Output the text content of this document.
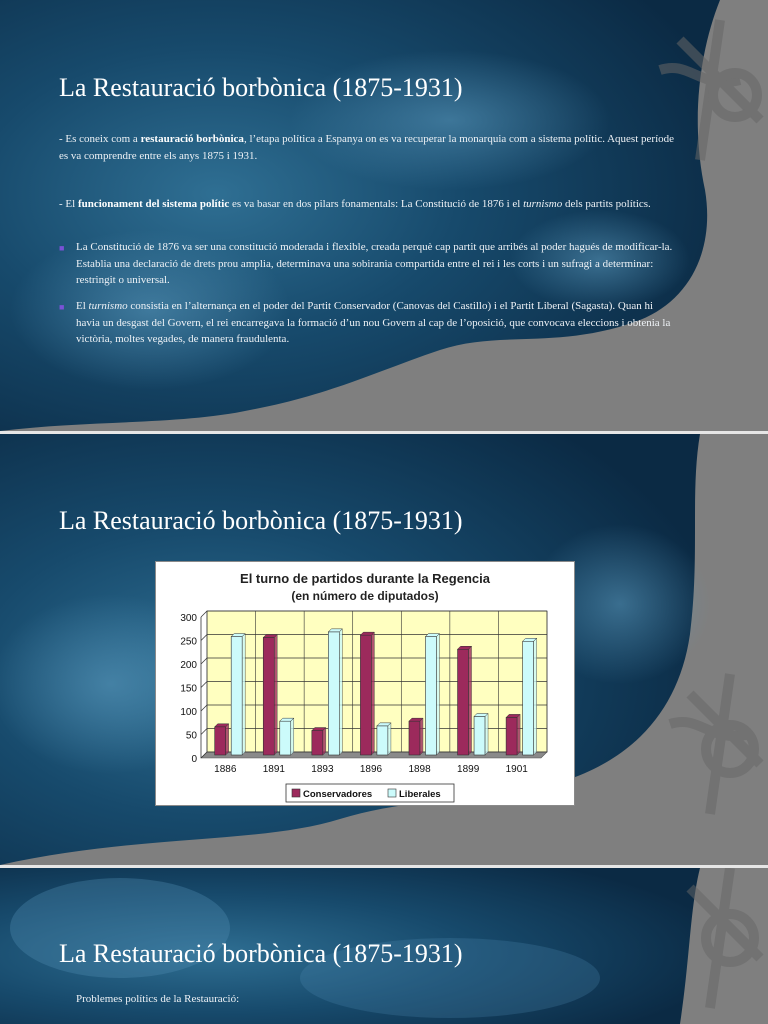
La Restauració borbònica (1875-1931)
- Es coneix com a restauració borbònica, l’etapa política a Espanya on es va recuperar la monarquia com a sistema polític. Aquest període es va comprendre entre els anys 1875 i 1931.
- El funcionament del sistema polític es va basar en dos pilars fonamentals: La Constitució de 1876 i el turnismo dels partits polítics.
■ La Constitució de 1876 va ser una constitució moderada i flexible, creada perquè cap partit que arribés al poder hagués de modificar-la. Establia una declaració de drets prou amplia, determinava una sobirania compartida entre el rei i les corts i un sufragi a determinar: restringit o universal.
■ El turnismo consistia en l’alternança en el poder del Partit Conservador (Canovas del Castillo) i el Partit Liberal (Sagasta). Quan hi havia un desgast del Govern, el rei encarregava la formació d’un nou Govern al cap de l’oposició, que convocava eleccions i obtenia la victòria, moltes vegades, de manera fraudulenta.
La Restauració borbònica (1875-1931)
El turno de partidos durante la Regencia
(en número de diputados)
0
50
100
150
200
250
300
1886	1891	1893	1896	1898	1899	1901
Conservadores	Liberales
La Restauració borbònica (1875-1931)
Problemes polítics de la Restauració:
